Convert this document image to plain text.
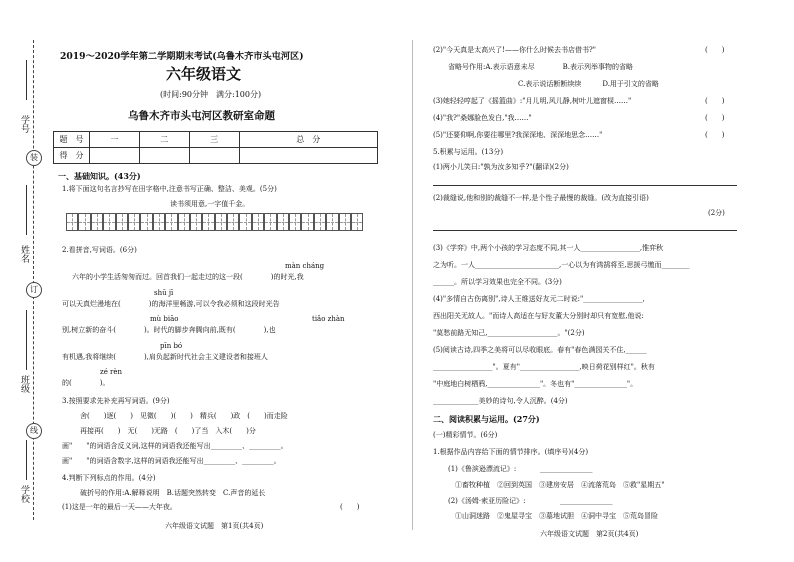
学号
姓名
班级
学校
装
订
线
2019～2020学年第二学期期末考试(乌鲁木齐市头屯河区)
六年级语文
(时间:90分钟　满分:100分)
乌鲁木齐市头屯河区教研室命题
题　号	一	二	三	总　分
得　分				
一、基础知识。(43分)
1.将下面这句名言抄写在田字格中,注意书写正确、整洁、美观。(5分)
读书须用意,一字值千金。
2.看拼音,写词语。(6分)
màn cháng
六年的小学生活匆匆而过。回首我们一起走过的这一段(　　　　)的时光,我
shū jī
可以天真烂漫地在(　　　　)的海洋里畅游,可以令我必须和这段时光告
mù biāo	tiǎo zhàn
别,树立新的奋斗(　　　　)。时代的脚步奔腾向前,既有(　　　　),也
pīn bó
有机遇,我将继续(　　　　),肩负起新时代社会主义建设者和接班人
zé rèn
的(　　　　)。
3.按照要求先补充再写词语。(9分)
舍(　　)逐(　　)　见微(　　)(　　)　精兵(　　)政　(　　)而走险
再接再(　　)　无(　　)无路　(　　)了当　入木(　　)分
画"　　"的词语含反义词,这样的词语我还能写出_________、_________。
画"　　"的词语含数字,这样的词语我还能写出_________、_________。
4.判断下列标点的作用。(4分)
破折号的作用:A.解释说明　B.话题突然转变　C.声音的延长
(1)这是一年的最后一天——大年夜。	(　　)
六年级语文试题　第1页(共4页)
(2)"今天真是太高兴了!——你什么时候去书店借书?"	(　　)
省略号作用:A.表示语意未尽　　　　B.表示列举事物的省略
C.表示说话断断续续　　　D.用于引文的省略
(3)她轻轻哼起了《摇篮曲》:"月儿明,风儿静,树叶儿遮窗棂……"	(　　)
(4)"我?"桑娜脸色发白,"我……"	(　　)
(5)"还要仰啊,你要往哪里?我深深地、深深地思念……"	(　　)
5.积累与运用。(13分)
(1)两小儿笑曰:"孰为汝多知乎?"(翻译)(2分)
(2)裁缝说,他和别的裁缝不一样,是个性子最慢的裁缝。(改为直接引语)
(2分)
(3)《学弈》中,两个小孩的学习态度不同,其一人_________________,惟弈秋
之为听。一人________________________,一心以为有鸿鹄将至,思援弓缴而________
______。所以学习效果也完全不同。(3分)
(4)"多情自古伤离别",诗人王维送好友元二时说:"_________________,
西出阳关无故人。"而诗人高适在与好友董大分别时却只有宽慰,他说:
"莫愁前路无知己,____________________。"(2分)
(5)阅读古诗,四季之美将可以尽收眼底。春有"春色满园关不住,______
_________________"。夏有"_________________,映日荷花别样红"。秋有
"中庭地白树栖鸦,_______________"。冬也有"_______________"。
_____________美妙的诗句,令人沉醉。(4分)
二、阅读积累与运用。(27分)
(一)精彩情节。(6分)
1.根据作品内容给下面的情节排序。(填序号)(4分)
(1)《鲁滨逊漂流记》:	_______________
①畜牧种植　②回到英国　③建房安居　④流落荒岛　⑤救"星期五"
(2)《汤姆·索亚历险记》:	_______________
①山洞迷路　②鬼屋寻宝　③墓地试胆　④洞中寻宝　⑤荒岛冒险
六年级语文试题　第2页(共4页)
